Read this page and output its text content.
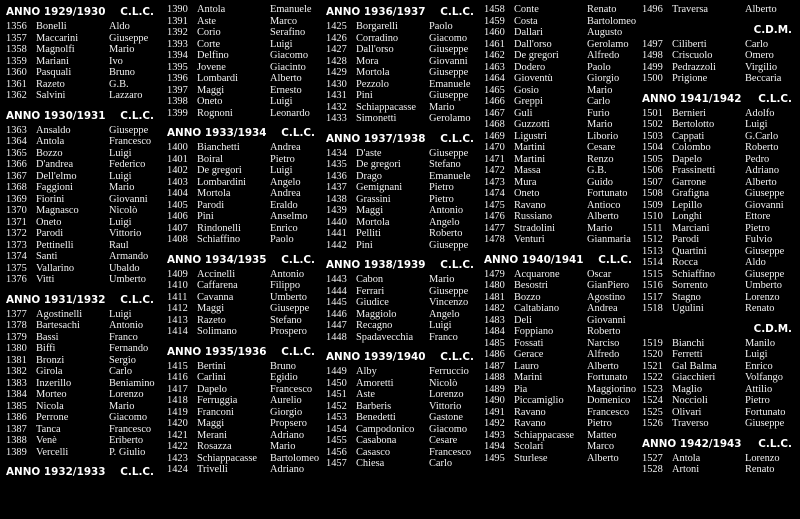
ANNO 1929/1930 C.L.C.
1356 Bonelli	Aldo
1357 Maccarini	Giuseppe
1358 Magnolfi	Mario
1359 Mariani	Ivo
1360 Pasquali	Bruno
1361 Razeto	G.B.
1362 Salvini	Lazzaro
ANNO 1930/1931 C.L.C.
1363 Ansaldo	Giuseppe
1364 Antola	Francesco
1365 Bozzo	Luigi
1366 D'andrea	Federico
1367 Dell'elmo	Luigi
1368 Faggioni	Mario
1369 Fiorini	Giovanni
1370 Magnasco	Nicolò
1371 Oneto	Luigi
1372 Parodi	Vittorio
1373 Pettinelli	Raul
1374 Santi	Armando
1375 Vallarino	Ubaldo
1376 Vitti	Umberto
ANNO 1931/1932 C.L.C.
1377 Agostinelli	Luigi
1378 Bartesachi	Antonio
1379 Bassi	Franco
1380 Biffi	Fernando
1381 Bronzi	Sergio
1382 Girola	Carlo
1383 Inzerillo	Beniamino
1384 Morteo	Lorenzo
1385 Nicola	Mario
1386 Perrone	Giacomo
1387 Tanca	Francesco
1388 Venè	Eriberto
1389 Vercelli	P. Giulio
ANNO 1932/1933 C.L.C.
1390 Antola	Emanuele
1391 Aste	Marco
1392 Corio	Serafino
1393 Corte	Luigi
1394 Delfino	Giacomo
1395 Jovene	Giacinto
1396 Lombardi	Alberto
1397 Maggi	Ernesto
1398 Oneto	Luigi
1399 Rognoni	Leonardo
ANNO 1933/1934 C.L.C.
1400 Bianchetti	Andrea
1401 Boiral	Pietro
1402 De gregori	Luigi
1403 Lombardini Angelo
1404 Mortola	Andrea
1405 Parodi	Eraldo
1406 Pini	Anselmo
1407 Rindonelli	Enrico
1408 Schiaffino	Paolo
ANNO 1934/1935 C.L.C.
1409 Accinelli	Antonio
1410 Caffarena	Filippo
1411 Cavanna	Umberto
1412 Maggi	Giuseppe
1413 Razeto	Stefano
1414 Solimano	Prospero
ANNO 1935/1936 C.L.C.
1415 Bertini	Bruno
1416 Carlini	Egidio
1417 Dapelo	Francesco
1418 Ferruggia	Aurelio
1419 Franconi	Giorgio
1420 Maggi	Propsero
1421 Merani	Adriano
1422 Rosazza	Mario
1423 Schiappacasse Bartolomeo
1424 Trivelli	Adriano
ANNO 1936/1937 C.L.C.
1425 Borgarelli	Paolo
1426 Corradino	Giacomo
1427 Dall'orso	Giuseppe
1428 Mora	Giovanni
1429 Mortola	Giuseppe
1430 Pezzolo	Emanuele
1431 Pini	Giuseppe
1432 Schiappacasse Mario
1433 Simonetti	Gerolamo
ANNO 1937/1938 C.L.C.
1434 D'aste	Giuseppe
1435 De gregori	Stefano
1436 Drago	Emanuele
1437 Gemignani	Pietro
1438 Grassini	Pietro
1439 Maggi	Antonio
1440 Mortola	Angelo
1441 Pelliti	Roberto
1442 Pini	Giuseppe
ANNO 1938/1939 C.L.C.
1443 Cabon	Mario
1444 Ferrari	Giuseppe
1445 Giudice	Vincenzo
1446 Maggiolo	Angelo
1447 Recagno	Luigi
1448 Spadavecchia Franco
ANNO 1939/1940 C.L.C.
1449 Alby	Ferruccio
1450 Amoretti	Nicolò
1451 Aste	Lorenzo
1452 Barberis	Vittorio
1453 Benedetti	Gastone
1454 Campodonico Giacomo
1455 Casabona	Cesare
1456 Casasco	Francesco
1457 Chiesa	Carlo
1458 Conte	Renato
1459 Costa	Bartolomeo
1460 Dallari	Augusto
1461 Dall'orso	Gerolamo
1462 De gregori	Alfredo
1463 Dodero	Paolo
1464 Gioventù	Giorgio
1465 Gosio	Mario
1466 Greppi	Carlo
1467 Guli	Furio
1468 Guzzotti	Mario
1469 Ligustri	Liborio
1470 Martini	Cesare
1471 Martini	Renzo
1472 Massa	G.B.
1473 Mura	Guido
1474 Oneto	Fortunato
1475 Ravano	Antioco
1476 Russiano	Alberto
1477 Stradolini	Mario
1478 Venturi	Gianmaria
ANNO 1940/1941 C.L.C.
1479 Acquarone	Oscar
1480 Besostri	GianPiero
1481 Bozzo	Agostino
1482 Caltabiano	Andrea
1483 Deli	Giovanni
1484 Foppiano	Roberto
1485 Fossati	Narciso
1486 Gerace	Alfredo
1487 Lauro	Alberto
1488 Marini	Fortunato
1489 Pia	Maggiorino
1490 Piccamiglio Domenico
1491 Ravano	Francesco
1492 Ravano	Pietro
1493 Schiappacasse Matteo
1494 Scolari	Marco
1495 Sturlese	Alberto
1496 Traversa	Alberto
C.D.M.
1497 Ciliberti	Carlo
1498 Criscuolo	Omero
1499 Pedrazzoli	Virgilio
1500 Prigione	Beccaria
ANNO 1941/1942 C.L.C.
1501 Bernieri	Adolfo
1502 Bertolotto	Luigi
1503 Cappati	G.Carlo
1504 Colombo	Roberto
1505 Dapelo	Pedro
1506 Frassinetti	Adriano
1507 Garrone	Alberto
1508 Grafigna	Giuseppe
1509 Lepillo	Giovanni
1510 Longhi	Ettore
1511 Marciani	Pietro
1512 Parodi	Fulvio
1513 Quartini	Giuseppe
1514 Rocca	Aldo
1515 Schiaffino	Giuseppe
1516 Sorrento	Umberto
1517 Stagno	Lorenzo
1518 Ugulini	Renato
C.D.M.
1519 Bianchi	Manilo
1520 Ferretti	Luigi
1521 Gal Balma	Enrico
1522 Giacchieri	Volfango
1523 Maglio	Attilio
1524 Noccioli	Pietro
1525 Olivari	Fortunato
1526 Traverso	Giuseppe
ANNO 1942/1943 C.L.C.
1527 Antola	Lorenzo
1528 Artoni	Renato
